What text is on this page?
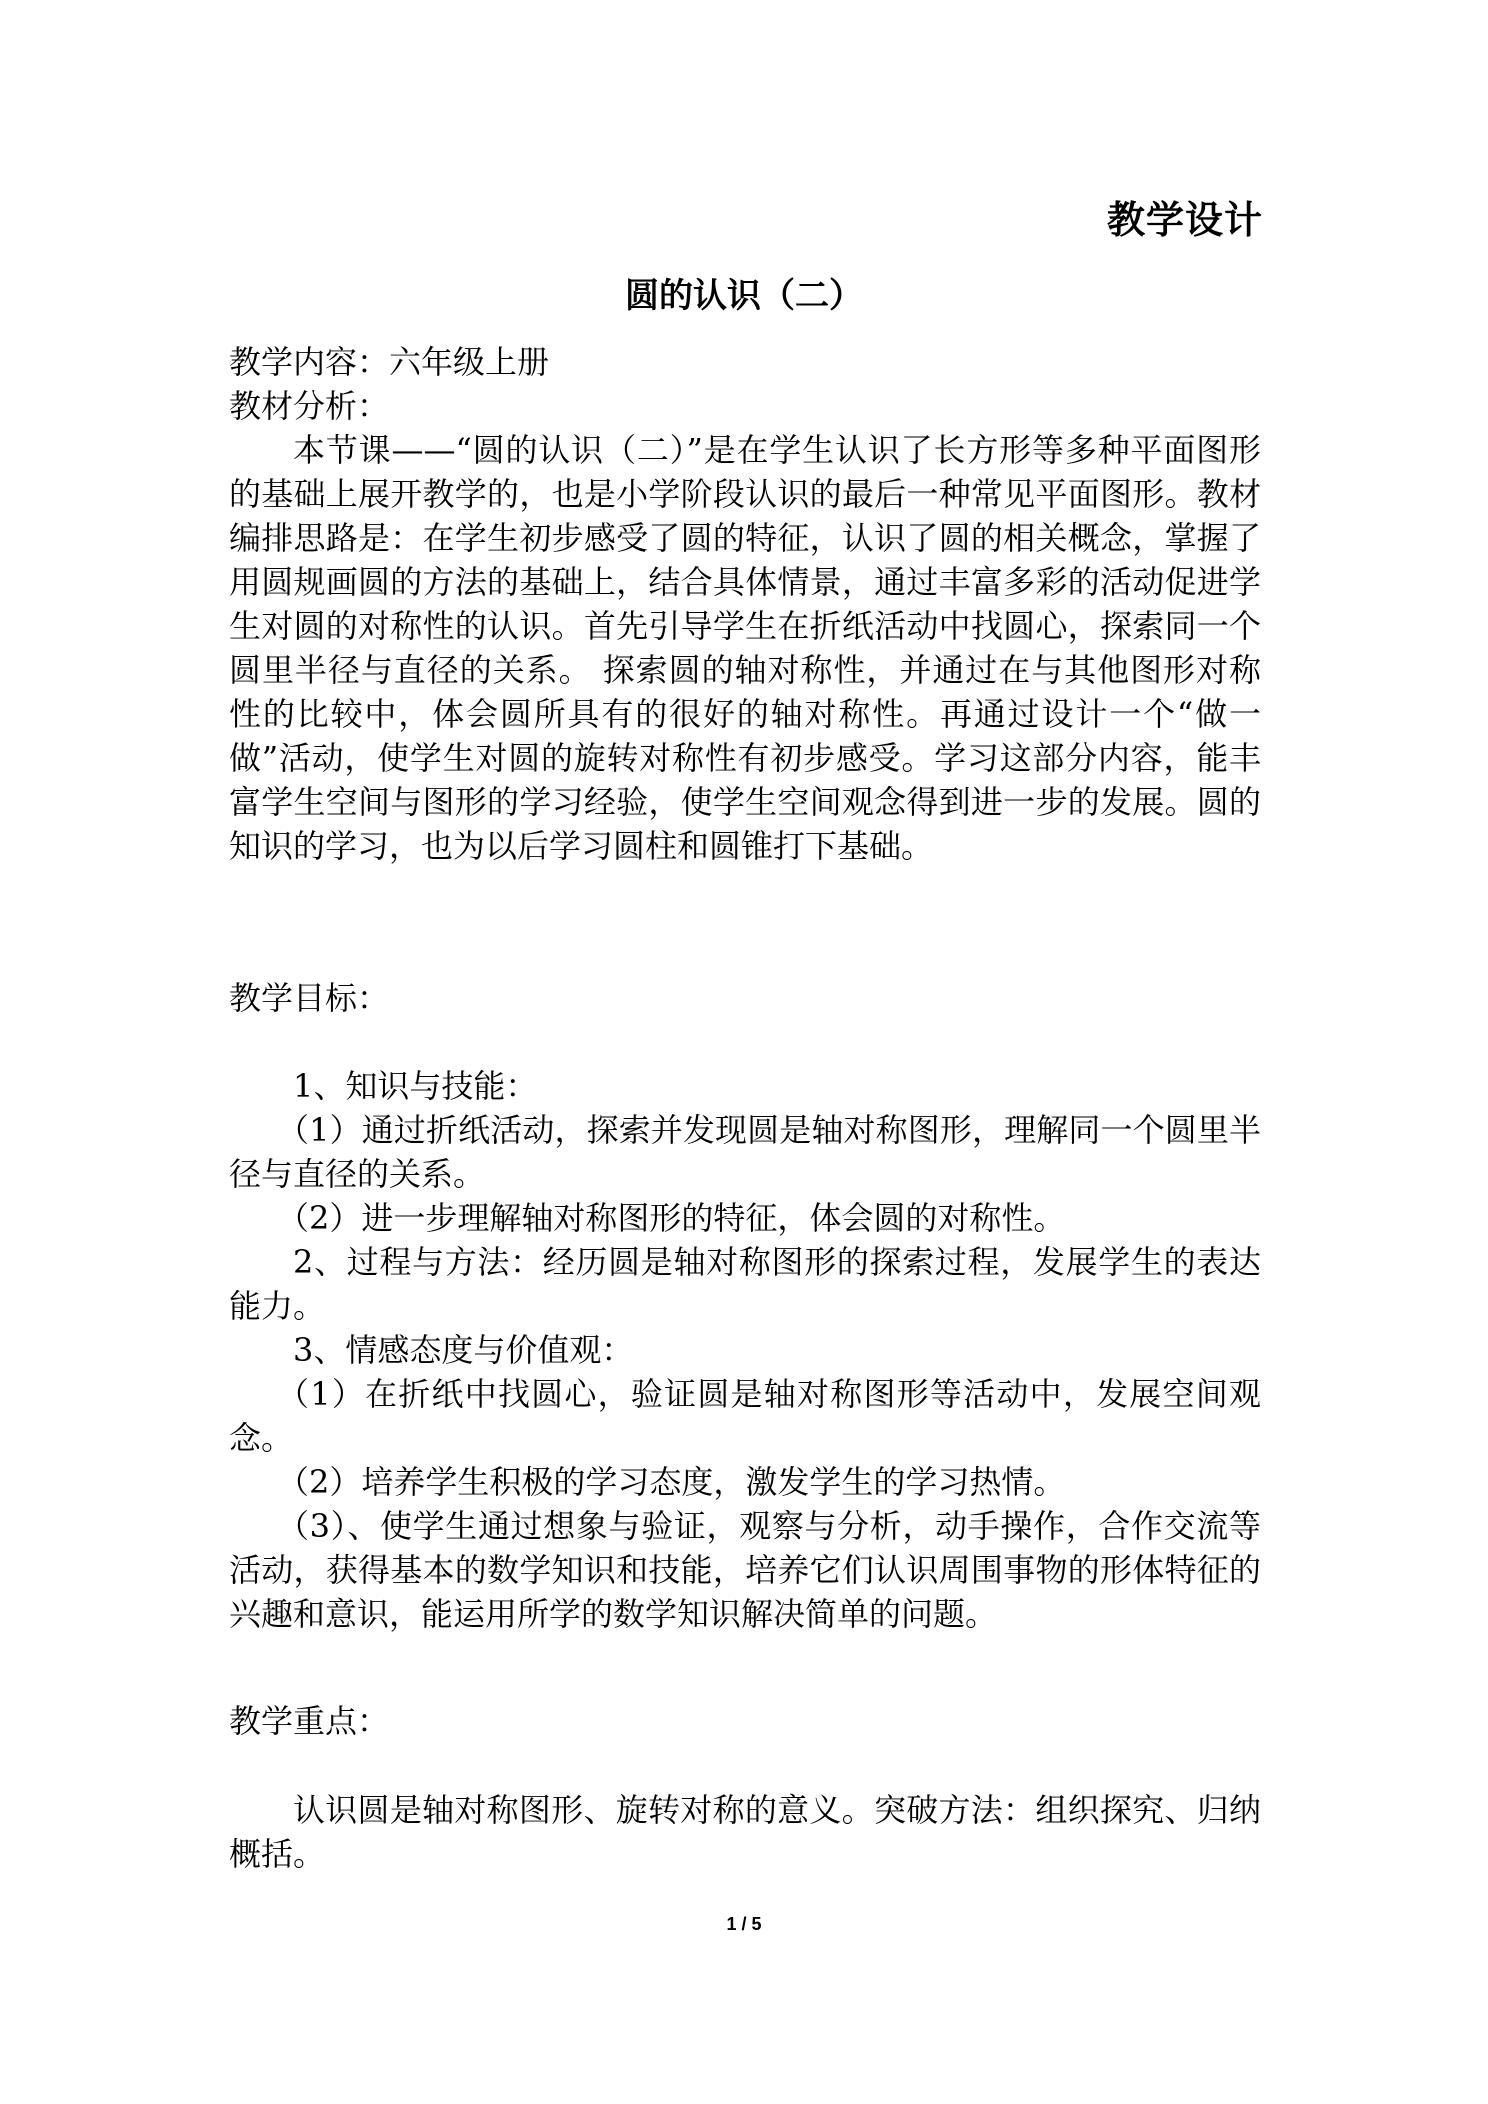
教学设计
圆的认识（二）

教学内容：六年级上册

教材分析：

本节课——“圆的认识（二）”是在学生认识了长方形等多种平面图形的基础上展开教学的，也是小学阶段认识的最后一种常见平面图形。教材编排思路是：在学生初步感受了圆的特征，认识了圆的相关概念，掌握了用圆规画圆的方法的基础上，结合具体情景，通过丰富多彩的活动促进学生对圆的对称性的认识。首先引导学生在折纸活动中找圆心，探索同一个圆里半径与直径的关系。 探索圆的轴对称性，并通过在与其他图形对称性的比较中，体会圆所具有的很好的轴对称性。再通过设计一个“做一做”活动，使学生对圆的旋转对称性有初步感受。学习这部分内容，能丰富学生空间与图形的学习经验，使学生空间观念得到进一步的发展。圆的知识的学习，也为以后学习圆柱和圆锥打下基础。

教学目标：

1、知识与技能：

（1）通过折纸活动，探索并发现圆是轴对称图形，理解同一个圆里半径与直径的关系。

（2）进一步理解轴对称图形的特征，体会圆的对称性。

2、过程与方法：经历圆是轴对称图形的探索过程，发展学生的表达能力。

3、情感态度与价值观：

（1）在折纸中找圆心，验证圆是轴对称图形等活动中，发展空间观念。

（2）培养学生积极的学习态度，激发学生的学习热情。

（3）、使学生通过想象与验证，观察与分析，动手操作，合作交流等活动，获得基本的数学知识和技能，培养它们认识周围事物的形体特征的兴趣和意识，能运用所学的数学知识解决简单的问题。

教学重点：

认识圆是轴对称图形、旋转对称的意义。突破方法：组织探究、归纳概括。

1 / 5
